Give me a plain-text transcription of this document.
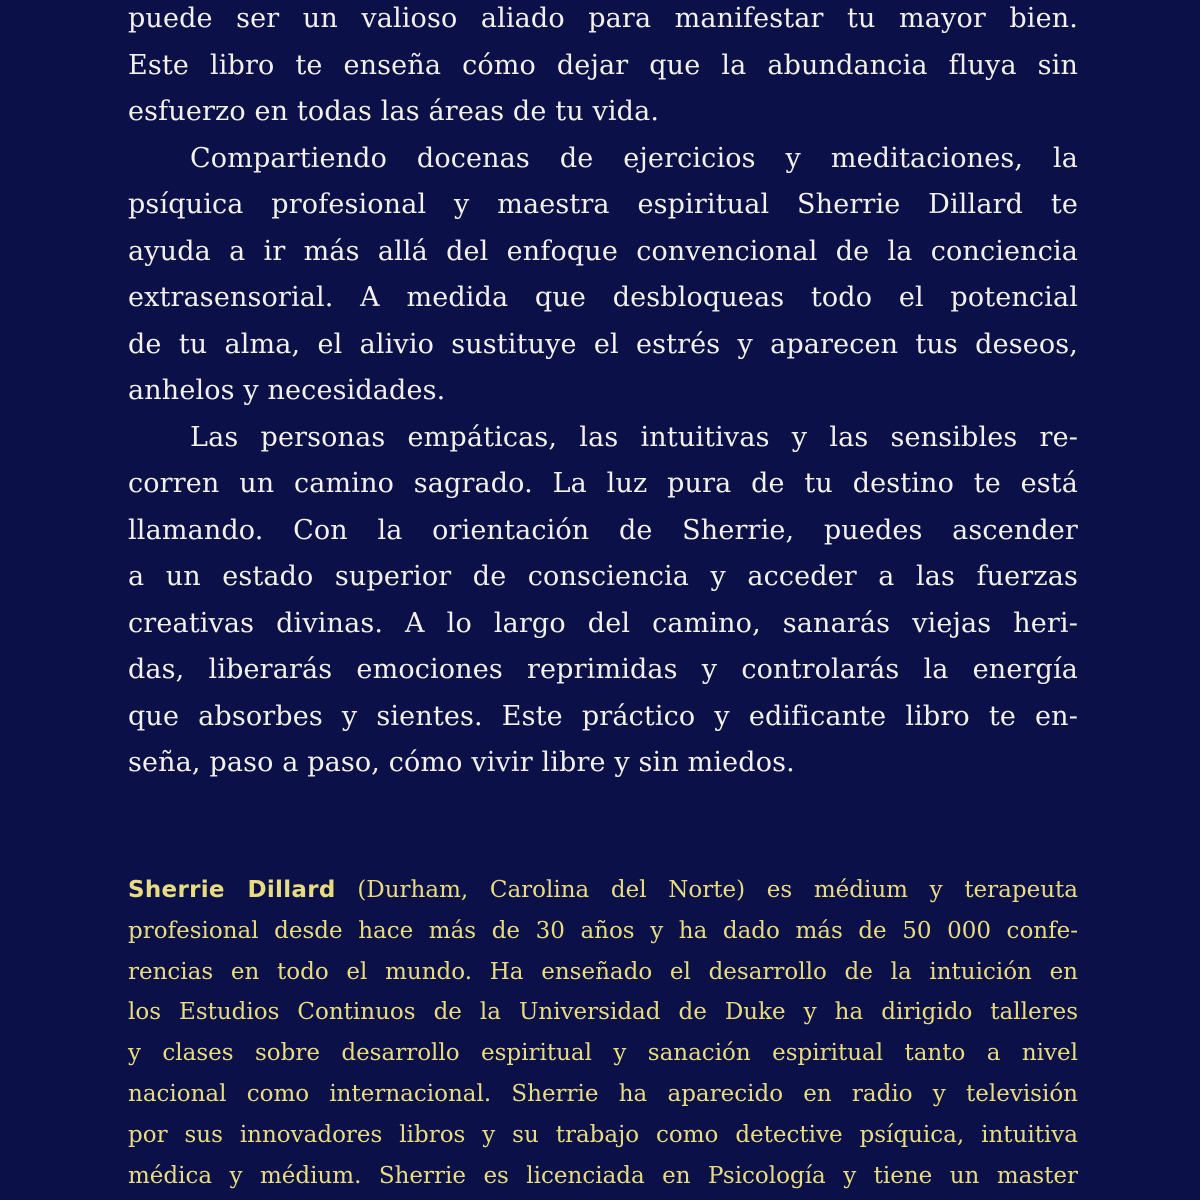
puede ser un valioso aliado para manifestar tu mayor bien.
Este libro te enseña cómo dejar que la abundancia fluya sin
esfuerzo en todas las áreas de tu vida.

Compartiendo docenas de ejercicios y meditaciones, la
psíquica profesional y maestra espiritual Sherrie Dillard te
ayuda a ir más allá del enfoque convencional de la conciencia
extrasensorial. A medida que desbloqueas todo el potencial
de tu alma, el alivio sustituye el estrés y aparecen tus deseos,
anhelos y necesidades.

Las personas empáticas, las intuitivas y las sensibles re-
corren un camino sagrado. La luz pura de tu destino te está
llamando. Con la orientación de Sherrie, puedes ascender
a un estado superior de consciencia y acceder a las fuerzas
creativas divinas. A lo largo del camino, sanarás viejas heri-
das, liberarás emociones reprimidas y controlarás la energía
que absorbes y sientes. Este práctico y edificante libro te en-
seña, paso a paso, cómo vivir libre y sin miedos.

Sherrie Dillard (Durham, Carolina del Norte) es médium y terapeuta
profesional desde hace más de 30 años y ha dado más de 50 000 confe-
rencias en todo el mundo. Ha enseñado el desarrollo de la intuición en
los Estudios Continuos de la Universidad de Duke y ha dirigido talleres
y clases sobre desarrollo espiritual y sanación espiritual tanto a nivel
nacional como internacional. Sherrie ha aparecido en radio y televisión
por sus innovadores libros y su trabajo como detective psíquica, intuitiva
médica y médium. Sherrie es licenciada en Psicología y tiene un master
